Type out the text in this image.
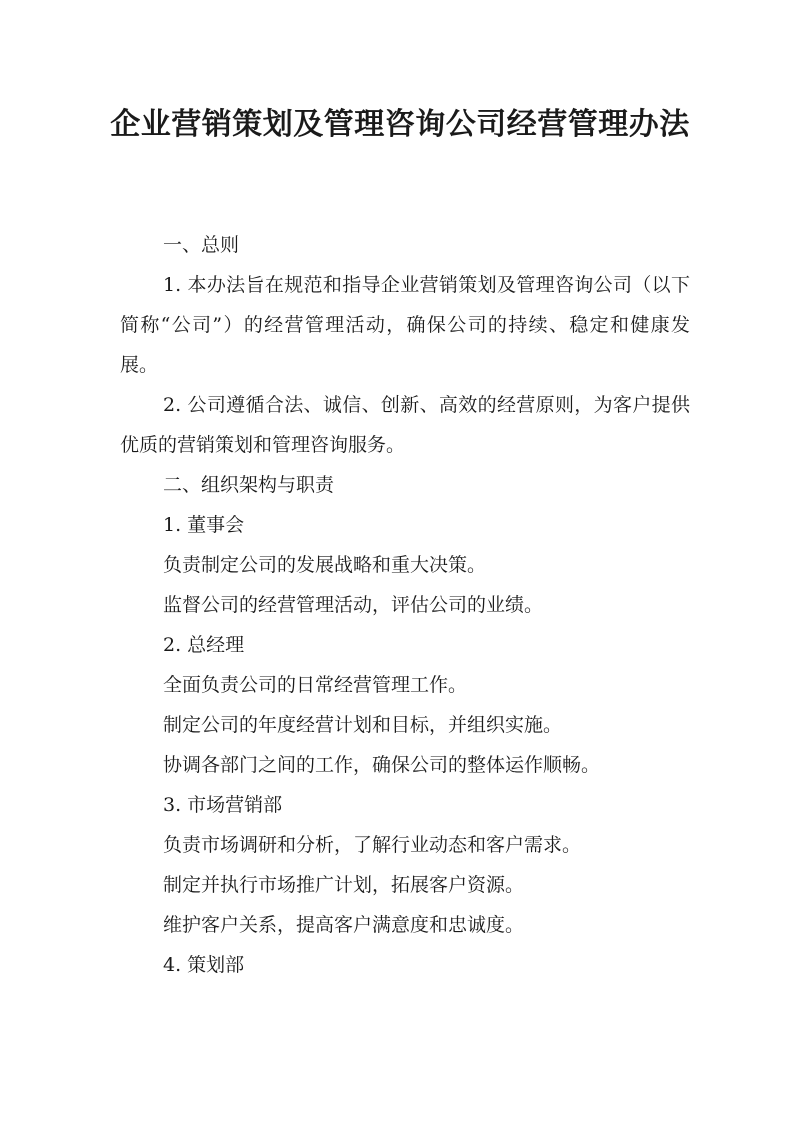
企业营销策划及管理咨询公司经营管理办法

一、总则

1. 本办法旨在规范和指导企业营销策划及管理咨询公司（以下简称“公司”）的经营管理活动，确保公司的持续、稳定和健康发展。

2. 公司遵循合法、诚信、创新、高效的经营原则，为客户提供优质的营销策划和管理咨询服务。

二、组织架构与职责

1. 董事会

负责制定公司的发展战略和重大决策。

监督公司的经营管理活动，评估公司的业绩。

2. 总经理

全面负责公司的日常经营管理工作。

制定公司的年度经营计划和目标，并组织实施。

协调各部门之间的工作，确保公司的整体运作顺畅。

3. 市场营销部

负责市场调研和分析，了解行业动态和客户需求。

制定并执行市场推广计划，拓展客户资源。

维护客户关系，提高客户满意度和忠诚度。

4. 策划部
